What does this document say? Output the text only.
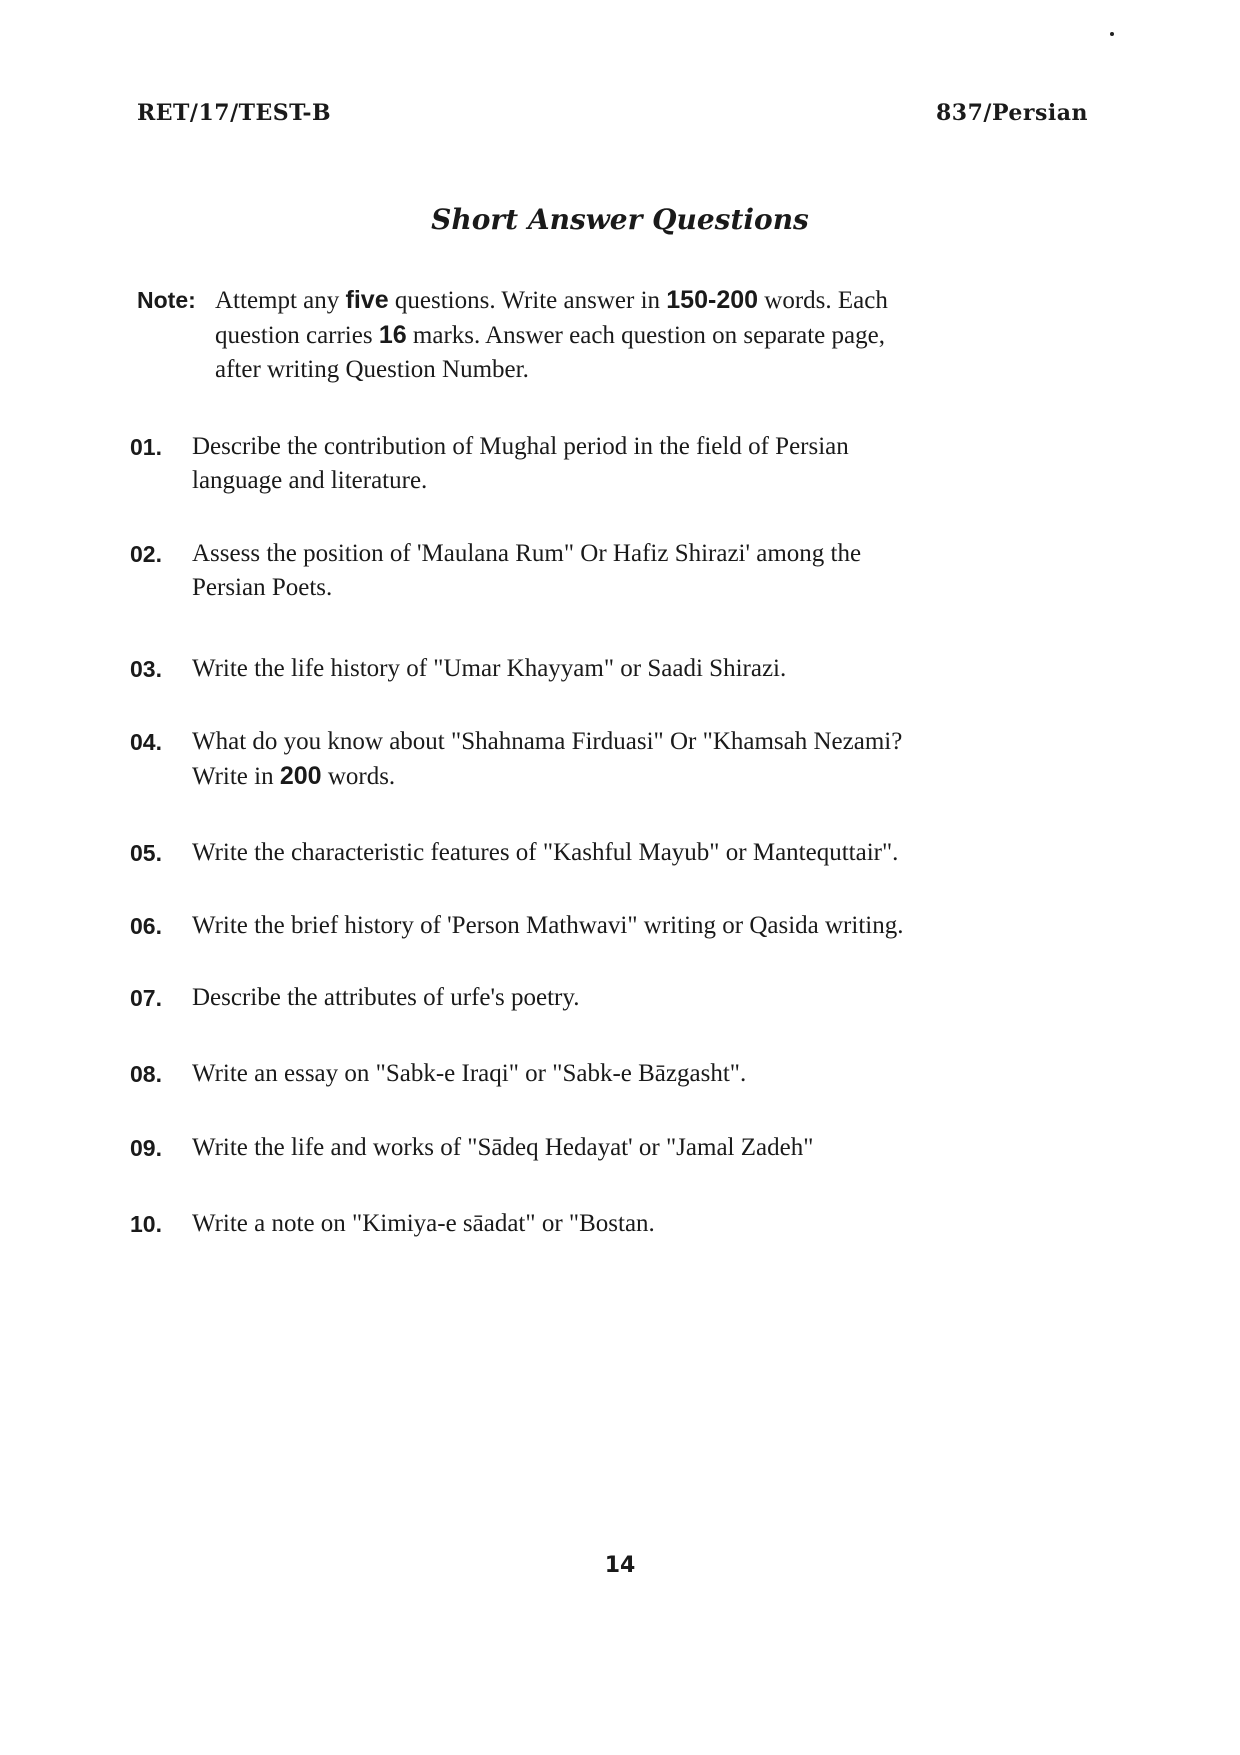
RET/17/TEST-B	837/Persian
Short Answer Questions
Note: Attempt any five questions. Write answer in 150-200 words. Each
question carries 16 marks. Answer each question on separate page,
after writing Question Number.
01. Describe the contribution of Mughal period in the field of Persian
language and literature.
02. Assess the position of 'Maulana Rum" Or Hafiz Shirazi' among the
Persian Poets.
03. Write the life history of "Umar Khayyam" or Saadi Shirazi.
04. What do you know about "Shahnama Firduasi" Or "Khamsah Nezami?
Write in 200 words.
05. Write the characteristic features of "Kashful Mayub" or Mantequttair".
06. Write the brief history of 'Person Mathwavi" writing or Qasida writing.
07. Describe the attributes of urfe's poetry.
08. Write an essay on "Sabk-e Iraqi" or "Sabk-e Bāzgasht".
09. Write the life and works of "Sādeq Hedayat' or "Jamal Zadeh"
10. Write a note on "Kimiya-e sāadat" or "Bostan.
14
